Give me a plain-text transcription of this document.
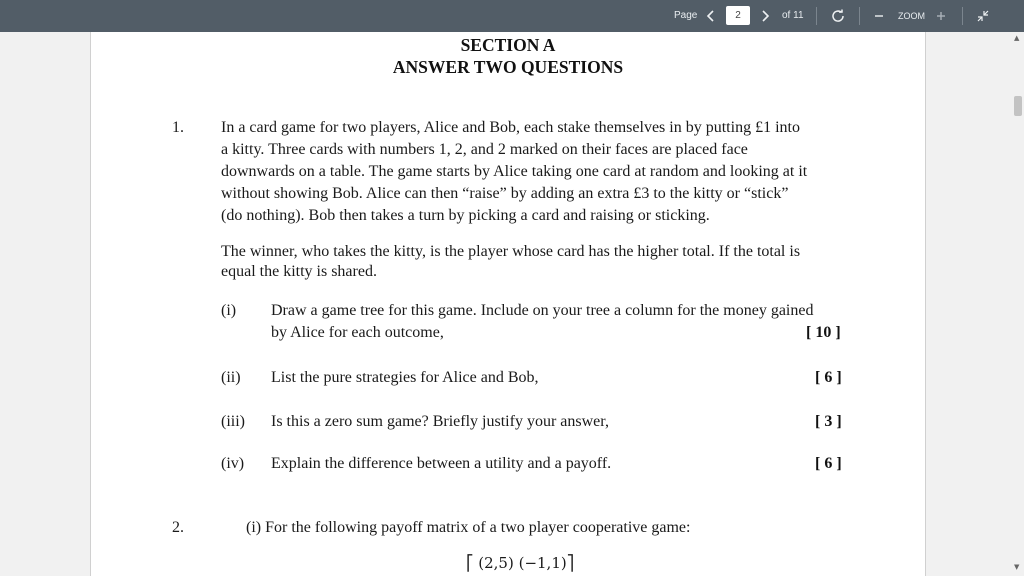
Page
2	of 11	ZOOM
SECTION A
ANSWER TWO QUESTIONS
1. In a card game for two players, Alice and Bob, each stake themselves in by putting £1 into
a kitty. Three cards with numbers 1, 2, and 2 marked on their faces are placed face
downwards on a table. The game starts by Alice taking one card at random and looking at it
without showing Bob. Alice can then “raise” by adding an extra £3 to the kitty or “stick”
(do nothing). Bob then takes a turn by picking a card and raising or sticking.
The winner, who takes the kitty, is the player whose card has the higher total. If the total is
equal the kitty is shared.
(i) Draw a game tree for this game. Include on your tree a column for the money gained
by Alice for each outcome,	[ 10 ]
(ii) List the pure strategies for Alice and Bob,	[ 6 ]
(iii) Is this a zero sum game? Briefly justify your answer,	[ 3 ]
(iv) Explain the difference between a utility and a payoff.	[ 6 ]
2.	(i) For the following payoff matrix of a two player cooperative game:
⎡ (2,5) (−1,1)⎤
▲
▼
